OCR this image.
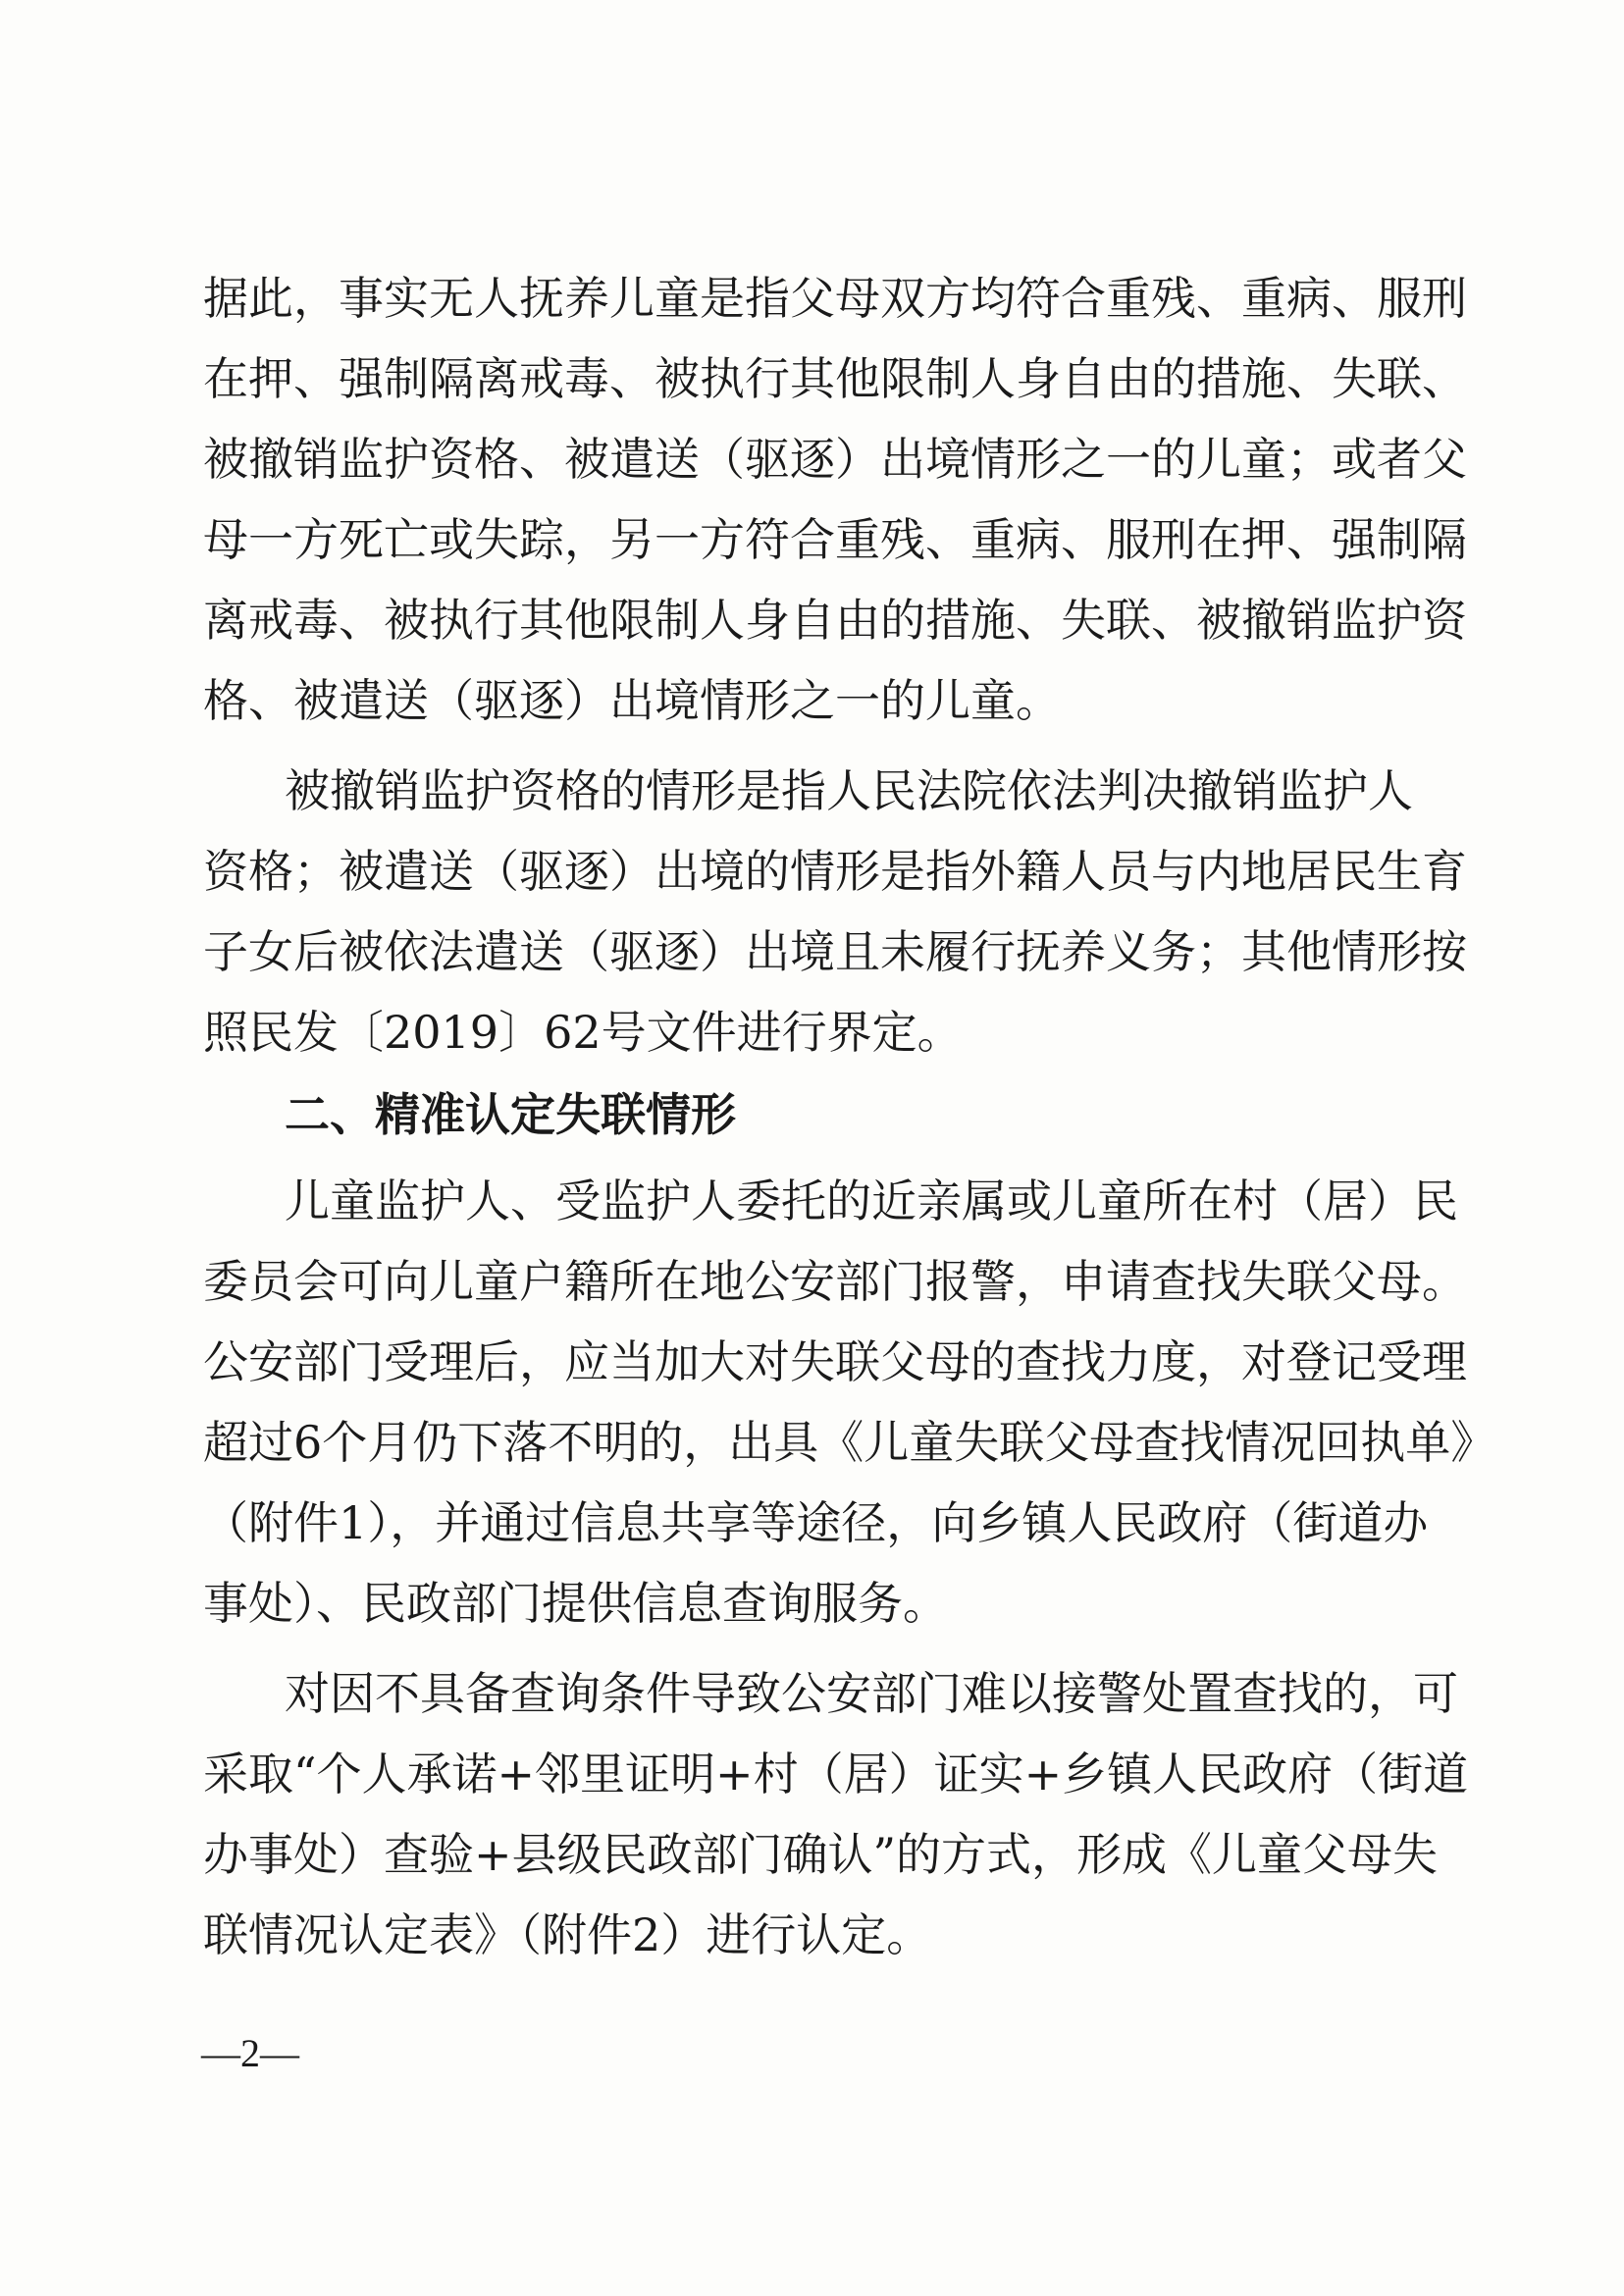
据此，事实无人抚养儿童是指父母双方均符合重残、重病、服刑
在押、强制隔离戒毒、被执行其他限制人身自由的措施、失联、
被撤销监护资格、被遣送（驱逐）出境情形之一的儿童；或者父
母一方死亡或失踪，另一方符合重残、重病、服刑在押、强制隔
离戒毒、被执行其他限制人身自由的措施、失联、被撤销监护资
格、被遣送（驱逐）出境情形之一的儿童。
被撤销监护资格的情形是指人民法院依法判决撤销监护人
资格；被遣送（驱逐）出境的情形是指外籍人员与内地居民生育
子女后被依法遣送（驱逐）出境且未履行抚养义务；其他情形按
照民发〔2019〕62号文件进行界定。
二、精准认定失联情形
儿童监护人、受监护人委托的近亲属或儿童所在村（居）民
委员会可向儿童户籍所在地公安部门报警，申请查找失联父母。
公安部门受理后，应当加大对失联父母的查找力度，对登记受理
超过6个月仍下落不明的，出具《儿童失联父母查找情况回执单》
（附件1），并通过信息共享等途径，向乡镇人民政府（街道办
事处）、民政部门提供信息查询服务。
对因不具备查询条件导致公安部门难以接警处置查找的，可
采取“个人承诺+邻里证明+村（居）证实+乡镇人民政府（街道
办事处）查验+县级民政部门确认”的方式，形成《儿童父母失
联情况认定表》（附件2）进行认定。
—2—
